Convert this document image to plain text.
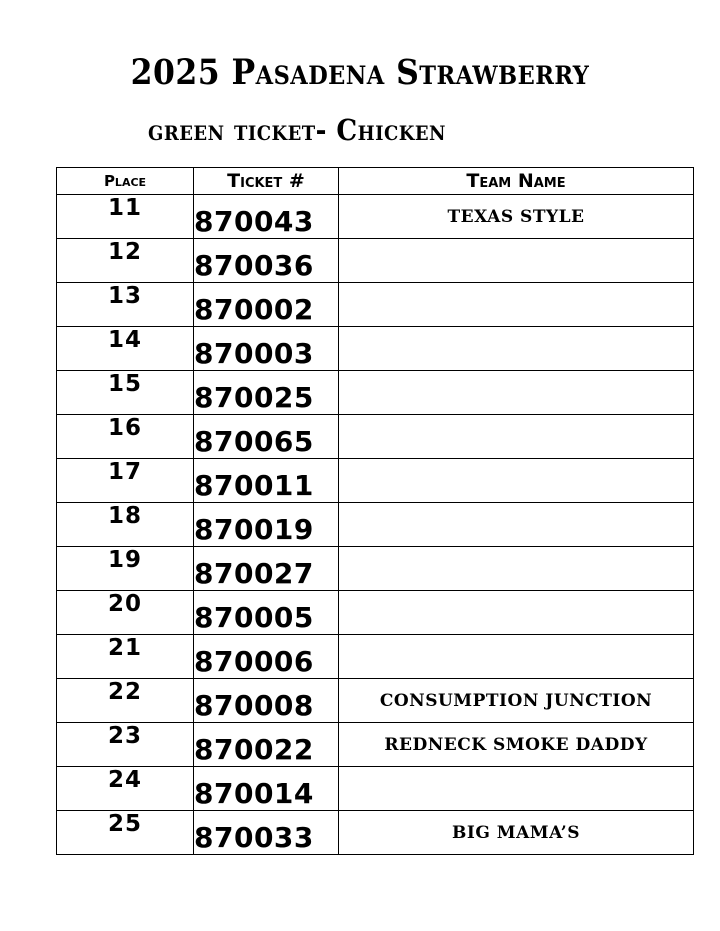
2025 Pasadena Strawberry
green ticket- Chicken
Place	Ticket #	Team Name
11	870043	TEXAS STYLE
12	870036	
13	870002	
14	870003	
15	870025	
16	870065	
17	870011	
18	870019	
19	870027	
20	870005	
21	870006	
22	870008	CONSUMPTION JUNCTION
23	870022	REDNECK SMOKE DADDY
24	870014	
25	870033	BIG MAMA’S
